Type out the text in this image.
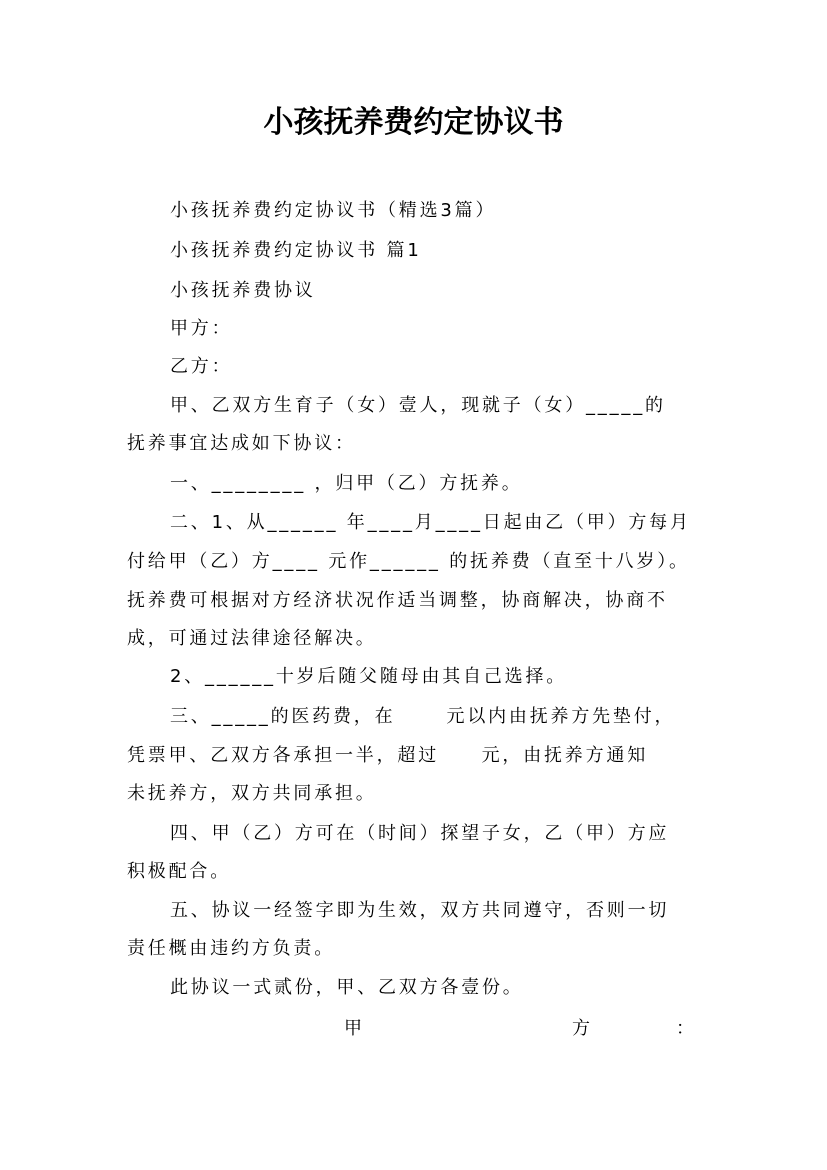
小孩抚养费约定协议书
小孩抚养费约定协议书（精选3篇）
小孩抚养费约定协议书 篇1
小孩抚养费协议
甲方：
乙方：
甲、乙双方生育子（女）壹人，现就子（女）_____的
抚养事宜达成如下协议：
一、________ ，归甲（乙）方抚养。
二、1、从______ 年____月____日起由乙（甲）方每月
付给甲（乙）方____ 元作______ 的抚养费（直至十八岁）。
抚养费可根据对方经济状况作适当调整，协商解决，协商不
成，可通过法律途径解决。
2、______十岁后随父随母由其自己选择。
三、_____的医药费，在      元以内由抚养方先垫付，
凭票甲、乙双方各承担一半，超过     元，由抚养方通知
未抚养方，双方共同承担。
四、甲（乙）方可在（时间）探望子女，乙（甲）方应
积极配合。
五、协议一经签字即为生效，双方共同遵守，否则一切
责任概由违约方负责。
此协议一式贰份，甲、乙双方各壹份。
甲	方	：
